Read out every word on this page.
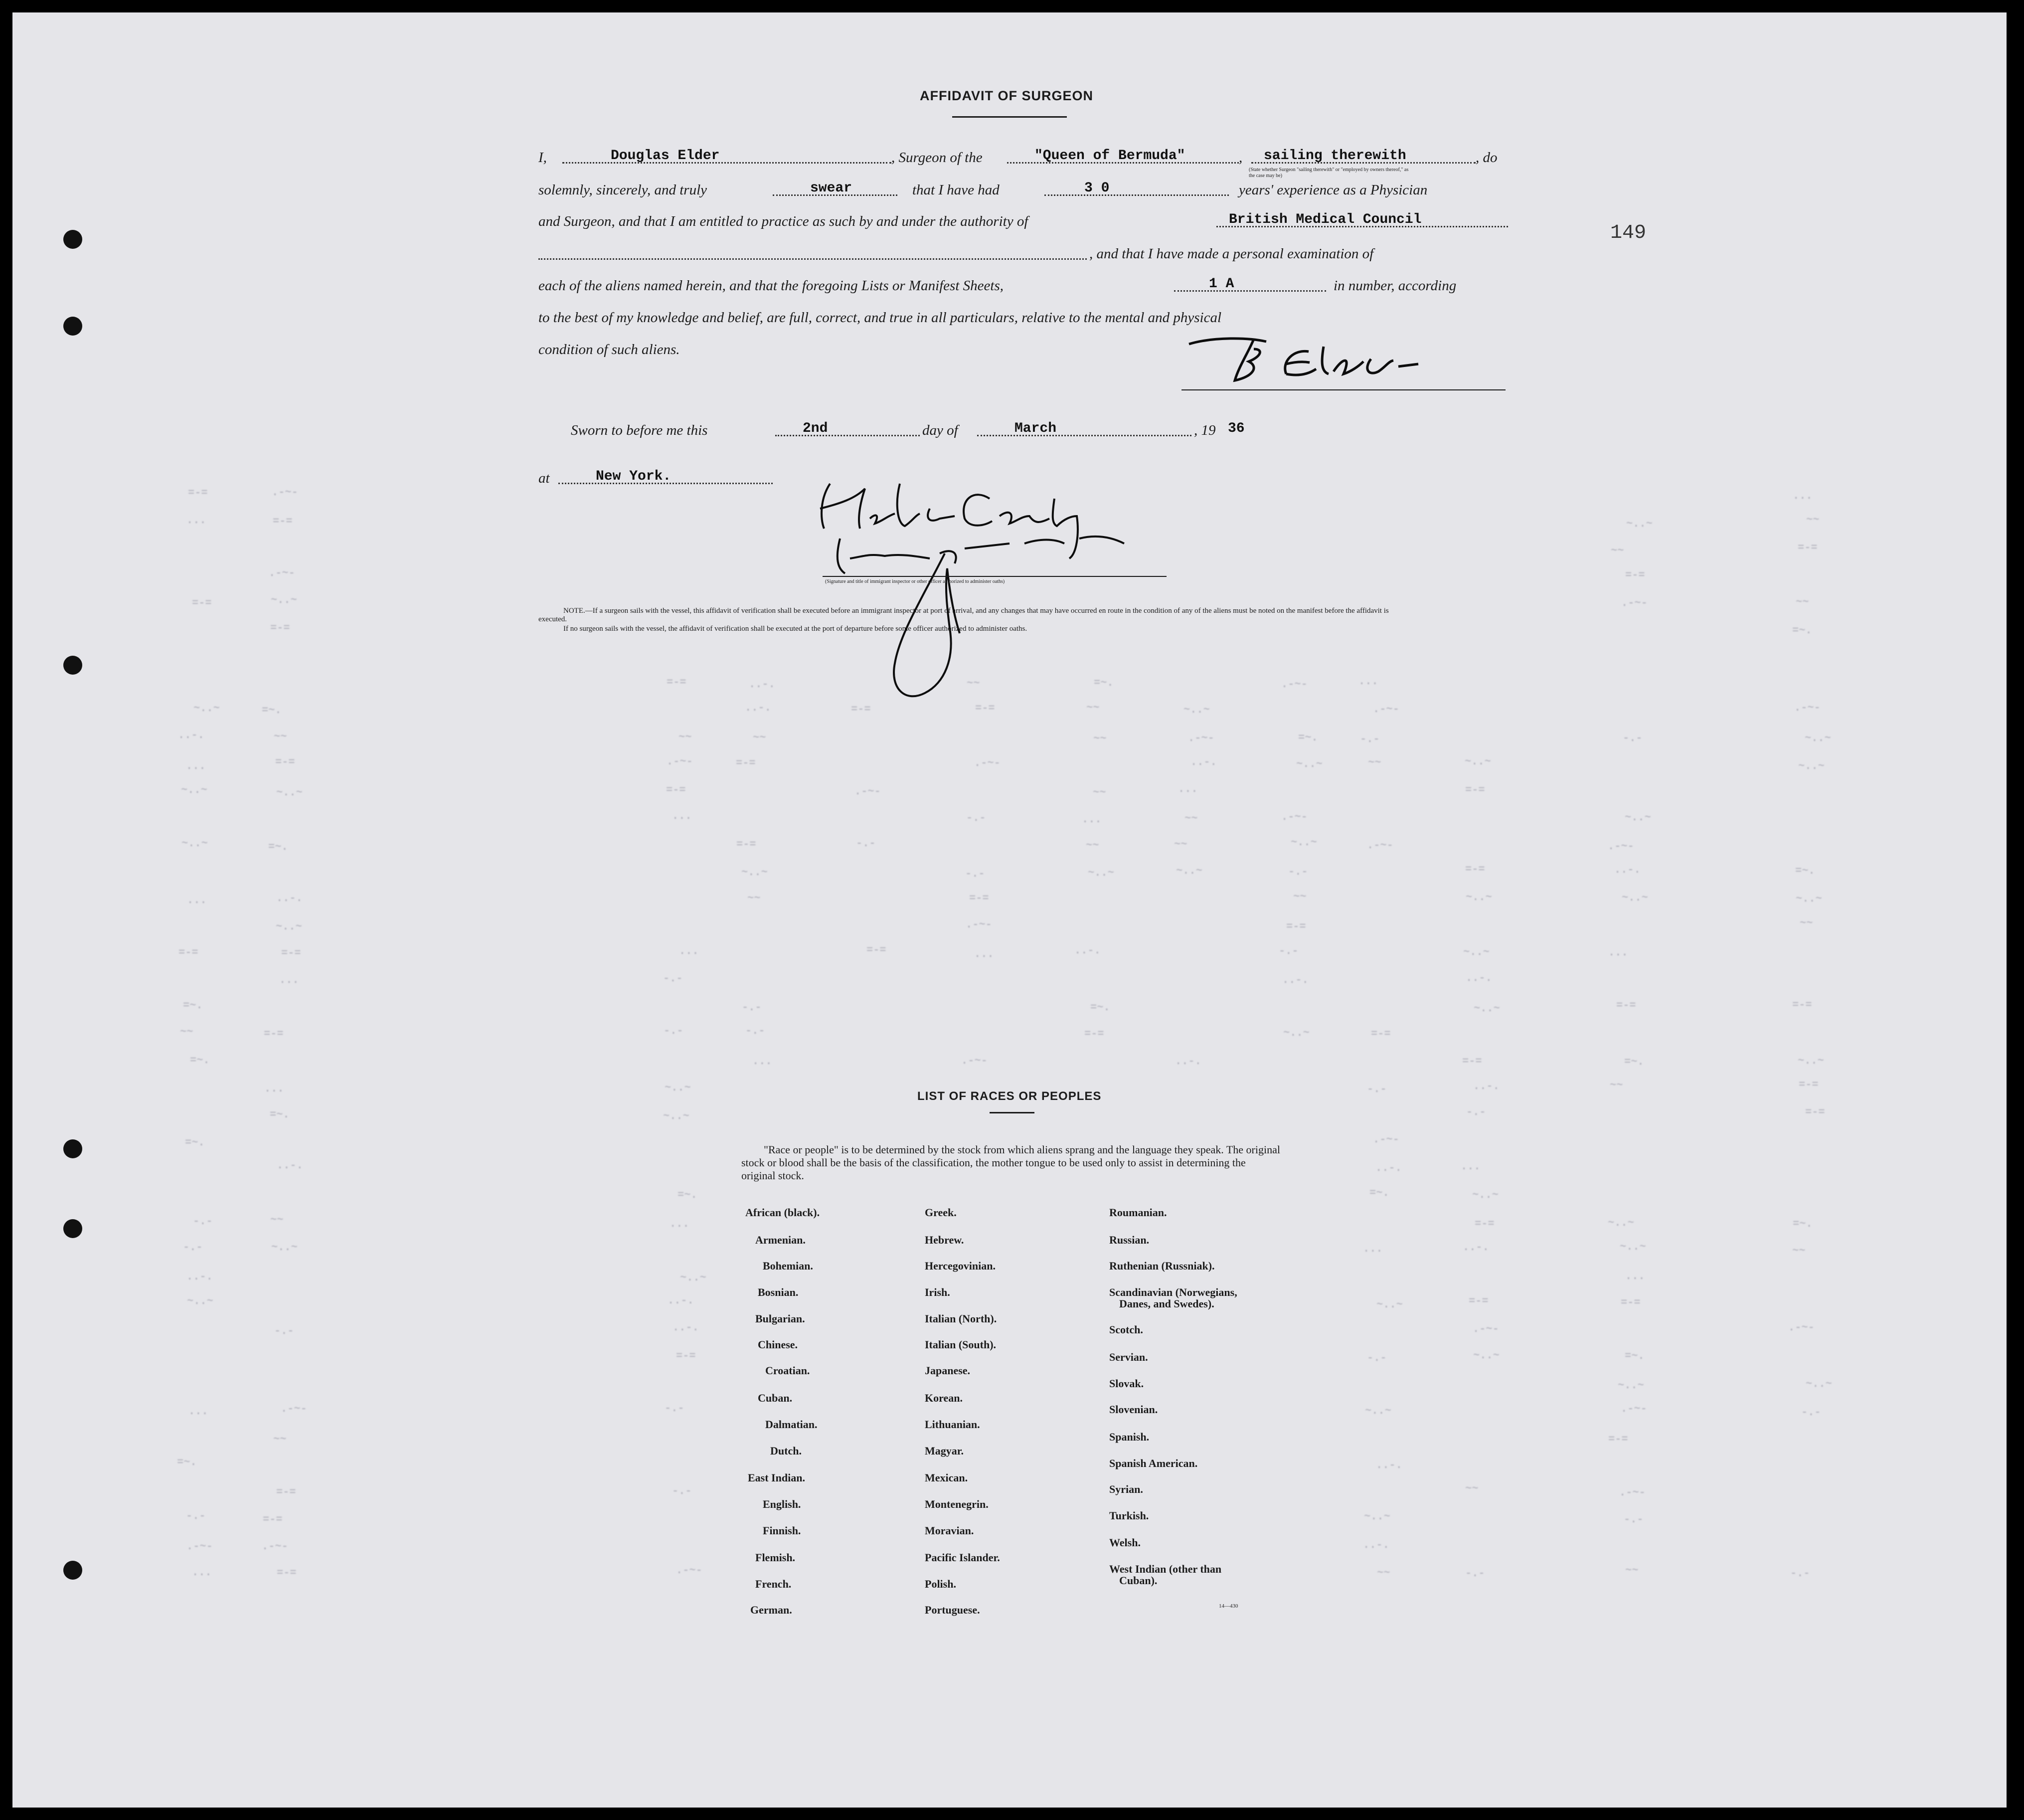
=-=	.-~-	...
...	=-=	~..~	~~
~~	=-=
.-~-	=-=
=-=	~..~	.-~-	~~
=-=	=~.
=-=	..-.	~~	=~.	.-~-	...
~..~	=~.	..-.	=-=	=-=	~~	~..~	.-~-	.-~-
..-.	~~	~~	~~	~~	.-~-	=~.	-.-	-.-	~..~
...	=-=	.-~-	=-=	.-~-	..-.	~..~	~~	~..~	~..~
~..~	~..~	=-=	.-~-	~~	...	=-=
...	-.-	...	~~	.-~-	~..~
~..~	=~.	=-=	-.-	~~	~~	~..~	.-~-	.-~-
~..~	-.-	~..~	~..~	-.-	=-=	..-.	=~.
...	..-.	~~	=-=	~~	~..~	~..~	~..~
~..~	.-~-	=-=	~~
=-=	=-=	...	=-=	...	..-.	-.-	~..~	...
...	-.-	..-.	..-.
=~.	-.-	=~.	~..~	=-=	=-=
~~	=-=	-.-	-.-	=-=	~..~	=-=
=~.	...	.-~-	..-.	=-=	=~.	~..~
...	~..~	-.-	..-.	~~	=-=
=~.	~..~	-.-	=-=
=~.	.-~-
..-.	..-.	...
=~.	=~.	~..~
-.-	~~	...	=-=	~..~	=~.
-.-	~..~	...	..-.	~..~	~~
..-.	~..~	...
~..~	..-.	~..~	=-=	=-=
-.-	..-.	.-~-	.-~-
=-=	-.-	~..~	=~.
~..~	~..~
...	.-~-	-.-	~..~	.-~-	-.-
~~	=-=
=~.	..-.
=-=	-.-	~~	.-~-
-.-	=-=	~..~	-.-
.-~-	.-~-	..-.
...	=-=	.-~-	~~	-.-	~~	-.-
149
AFFIDAVIT OF SURGEON
I,	Douglas Elder	, Surgeon of the	"Queen of Bermuda"	, sailing therewith	, do
(State whether Surgeon "sailing therewith" or "employed by owners thereof," as the case may be)
solemnly, sincerely, and truly	swear	that I have had	3 0	years' experience as a Physician
and Surgeon, and that I am entitled to practice as such by and under the authority of	British Medical Council
, and that I have made a personal examination of
each of the aliens named herein, and that the foregoing Lists or Manifest Sheets,	1 A	in number, according
to the best of my knowledge and belief, are full, correct, and true in all particulars, relative to the mental and physical
condition of such aliens.
Sworn to before me this	2nd	day of	March	, 19 36
at	New York.
(Signature and title of immigrant inspector or other officer authorized to administer oaths)
NOTE.—If a surgeon sails with the vessel, this affidavit of verification shall be executed before an immigrant inspector at port of arrival, and any changes that may have occurred en route in the condition of any of the aliens must be noted on the manifest before the affidavit is executed.
If no surgeon sails with the vessel, the affidavit of verification shall be executed at the port of departure before some officer authorized to administer oaths.
LIST OF RACES OR PEOPLES
"Race or people" is to be determined by the stock from which aliens sprang and the language they speak. The original stock or blood shall be the basis of the classification, the mother tongue to be used only to assist in determining the original stock.
African (black).
Armenian.
Bohemian.
Bosnian.
Bulgarian.
Chinese.
Croatian.
Cuban.
Dalmatian.
Dutch.
East Indian.
English.
Finnish.
Flemish.
French.
German.
Greek.
Hebrew.
Hercegovinian.
Irish.
Italian (North).
Italian (South).
Japanese.
Korean.
Lithuanian.
Magyar.
Mexican.
Montenegrin.
Moravian.
Pacific Islander.
Polish.
Portuguese.
Roumanian.
Russian.
Ruthenian (Russniak).
Scandinavian (Norwegians,
Danes, and Swedes).
Scotch.
Servian.
Slovak.
Slovenian.
Spanish.
Spanish American.
Syrian.
Turkish.
Welsh.
West Indian (other than
Cuban).
14—430
